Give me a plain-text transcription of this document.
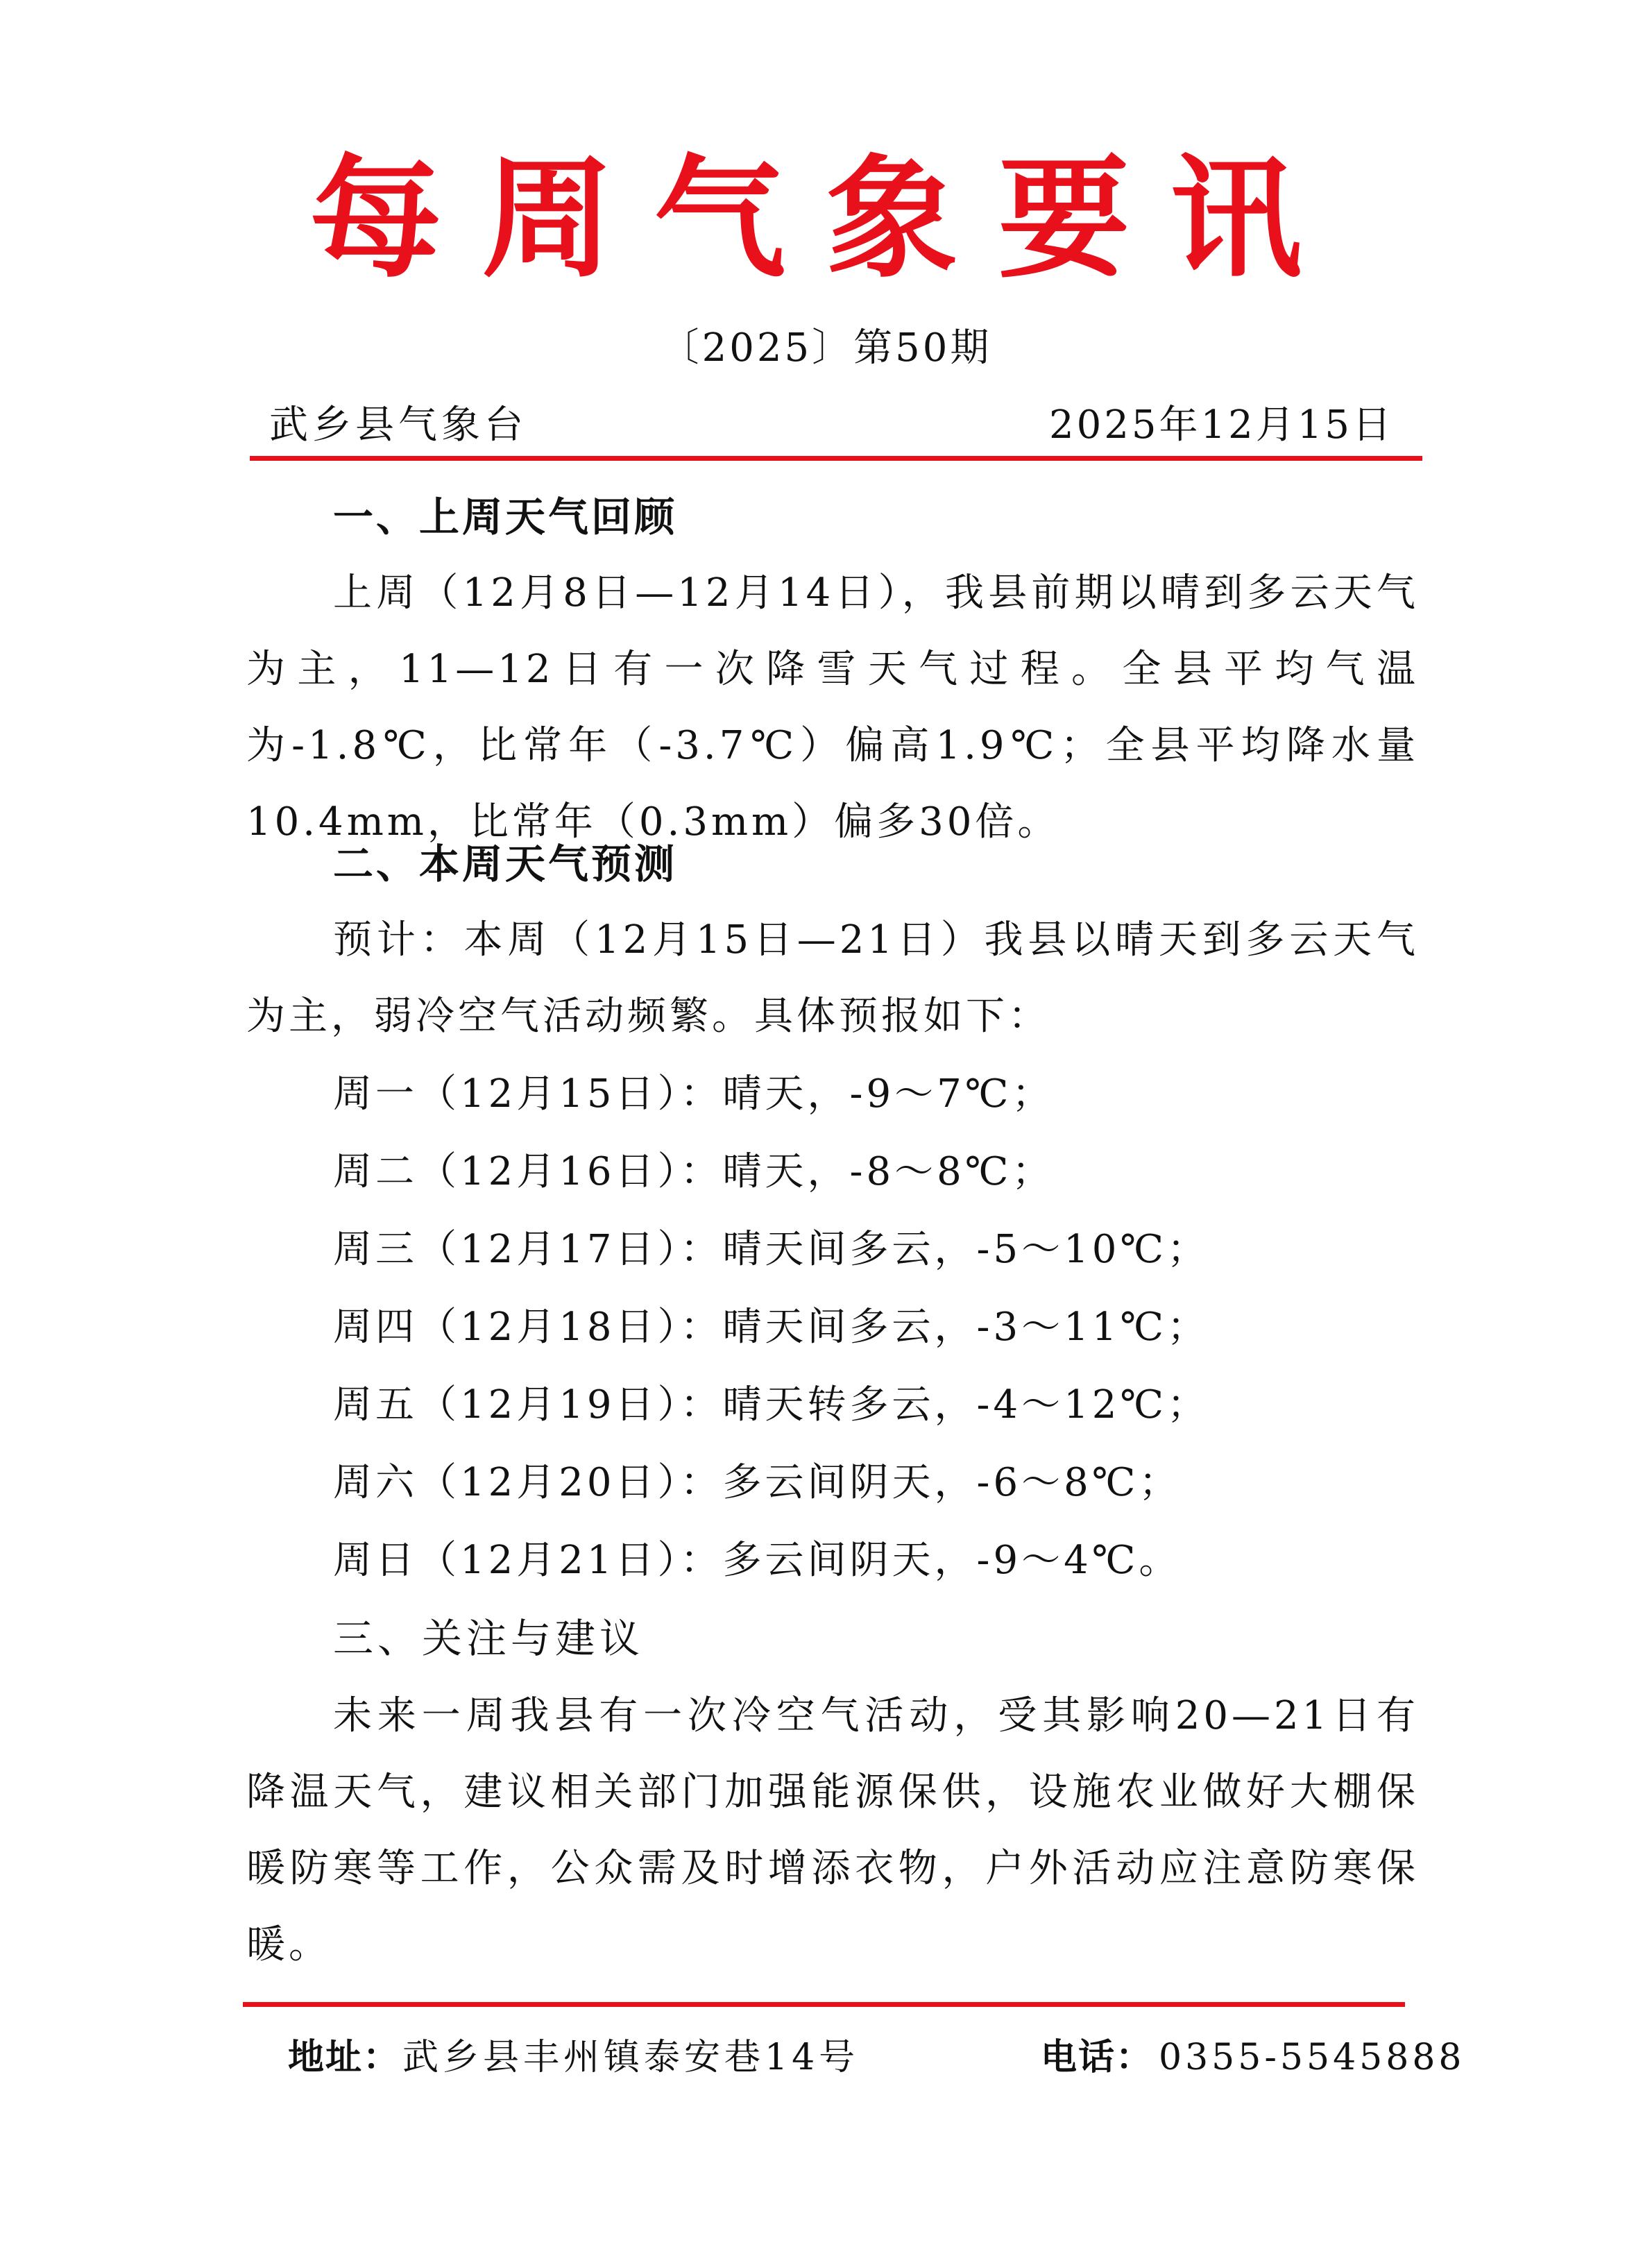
每周气象要讯
〔2025〕第50期
武乡县气象台	2025年12月15日
一、上周天气回顾
上周（12月8日—12月14日），我县前期以晴到多云天气为主，11—12日有一次降雪天气过程。全县平均气温为-1.8℃，比常年（-3.7℃）偏高1.9℃；全县平均降水量10.4mm，比常年（0.3mm）偏多30倍。
二、本周天气预测
预计：本周（12月15日—21日）我县以晴天到多云天气为主，弱冷空气活动频繁。具体预报如下：
周一（12月15日）：晴天，-9～7℃；
周二（12月16日）：晴天，-8～8℃；
周三（12月17日）：晴天间多云，-5～10℃；
周四（12月18日）：晴天间多云，-3～11℃；
周五（12月19日）：晴天转多云，-4～12℃；
周六（12月20日）：多云间阴天，-6～8℃；
周日（12月21日）：多云间阴天，-9～4℃。
三、关注与建议
未来一周我县有一次冷空气活动，受其影响20—21日有降温天气，建议相关部门加强能源保供，设施农业做好大棚保暖防寒等工作，公众需及时增添衣物，户外活动应注意防寒保暖。
地址： 武乡县丰州镇泰安巷14号	电话： 0355-5545888
